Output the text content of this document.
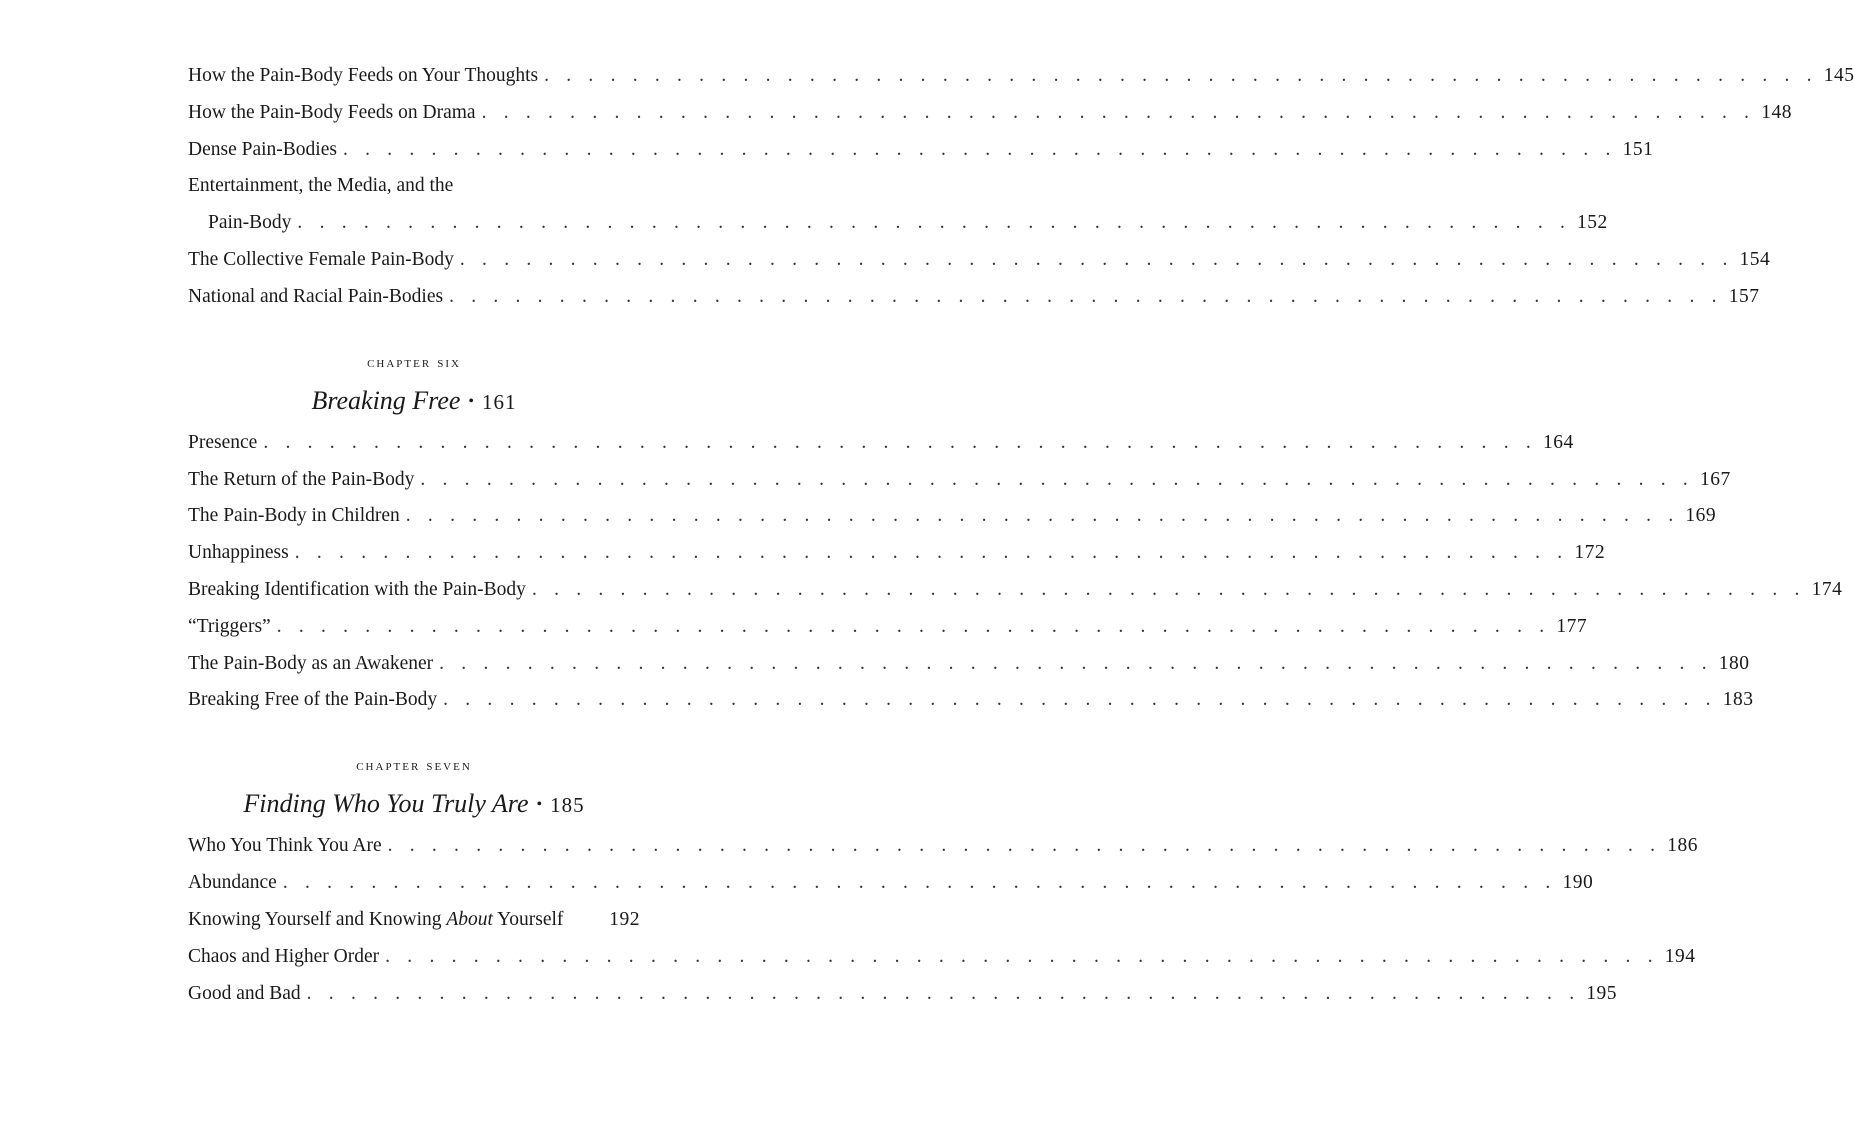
How the Pain-Body Feeds on Your Thoughts . . . . . . . . . . . . . . . . . . . . . . . . . . . . . . . . . . . . . . . . . . . . . . . . . . . . . . . . . . 145
How the Pain-Body Feeds on Drama . . . . . . . . . . . . . . . . . . . . . . . . . . . . . . . . . . . . . . . . . . . . . . . . . . . . . . . . . . 148
Dense Pain-Bodies . . . . . . . . . . . . . . . . . . . . . . . . . . . . . . . . . . . . . . . . . . . . . . . . . . . . . . . . . . 151
Entertainment, the Media, and the
Pain-Body . . . . . . . . . . . . . . . . . . . . . . . . . . . . . . . . . . . . . . . . . . . . . . . . . . . . . . . . . . 152
The Collective Female Pain-Body . . . . . . . . . . . . . . . . . . . . . . . . . . . . . . . . . . . . . . . . . . . . . . . . . . . . . . . . . . 154
National and Racial Pain-Bodies . . . . . . . . . . . . . . . . . . . . . . . . . . . . . . . . . . . . . . . . . . . . . . . . . . . . . . . . . . 157
chapter six
Breaking Free • 161
Presence . . . . . . . . . . . . . . . . . . . . . . . . . . . . . . . . . . . . . . . . . . . . . . . . . . . . . . . . . . 164
The Return of the Pain-Body . . . . . . . . . . . . . . . . . . . . . . . . . . . . . . . . . . . . . . . . . . . . . . . . . . . . . . . . . . 167
The Pain-Body in Children . . . . . . . . . . . . . . . . . . . . . . . . . . . . . . . . . . . . . . . . . . . . . . . . . . . . . . . . . . 169
Unhappiness . . . . . . . . . . . . . . . . . . . . . . . . . . . . . . . . . . . . . . . . . . . . . . . . . . . . . . . . . . 172
Breaking Identification with the Pain-Body . . . . . . . . . . . . . . . . . . . . . . . . . . . . . . . . . . . . . . . . . . . . . . . . . . . . . . . . . . 174
“Triggers” . . . . . . . . . . . . . . . . . . . . . . . . . . . . . . . . . . . . . . . . . . . . . . . . . . . . . . . . . . 177
The Pain-Body as an Awakener . . . . . . . . . . . . . . . . . . . . . . . . . . . . . . . . . . . . . . . . . . . . . . . . . . . . . . . . . . 180
Breaking Free of the Pain-Body . . . . . . . . . . . . . . . . . . . . . . . . . . . . . . . . . . . . . . . . . . . . . . . . . . . . . . . . . . 183
chapter seven
Finding Who You Truly Are • 185
Who You Think You Are . . . . . . . . . . . . . . . . . . . . . . . . . . . . . . . . . . . . . . . . . . . . . . . . . . . . . . . . . . 186
Abundance . . . . . . . . . . . . . . . . . . . . . . . . . . . . . . . . . . . . . . . . . . . . . . . . . . . . . . . . . . 190
Knowing Yourself and Knowing About Yourself 192
Chaos and Higher Order . . . . . . . . . . . . . . . . . . . . . . . . . . . . . . . . . . . . . . . . . . . . . . . . . . . . . . . . . . 194
Good and Bad . . . . . . . . . . . . . . . . . . . . . . . . . . . . . . . . . . . . . . . . . . . . . . . . . . . . . . . . . . 195
